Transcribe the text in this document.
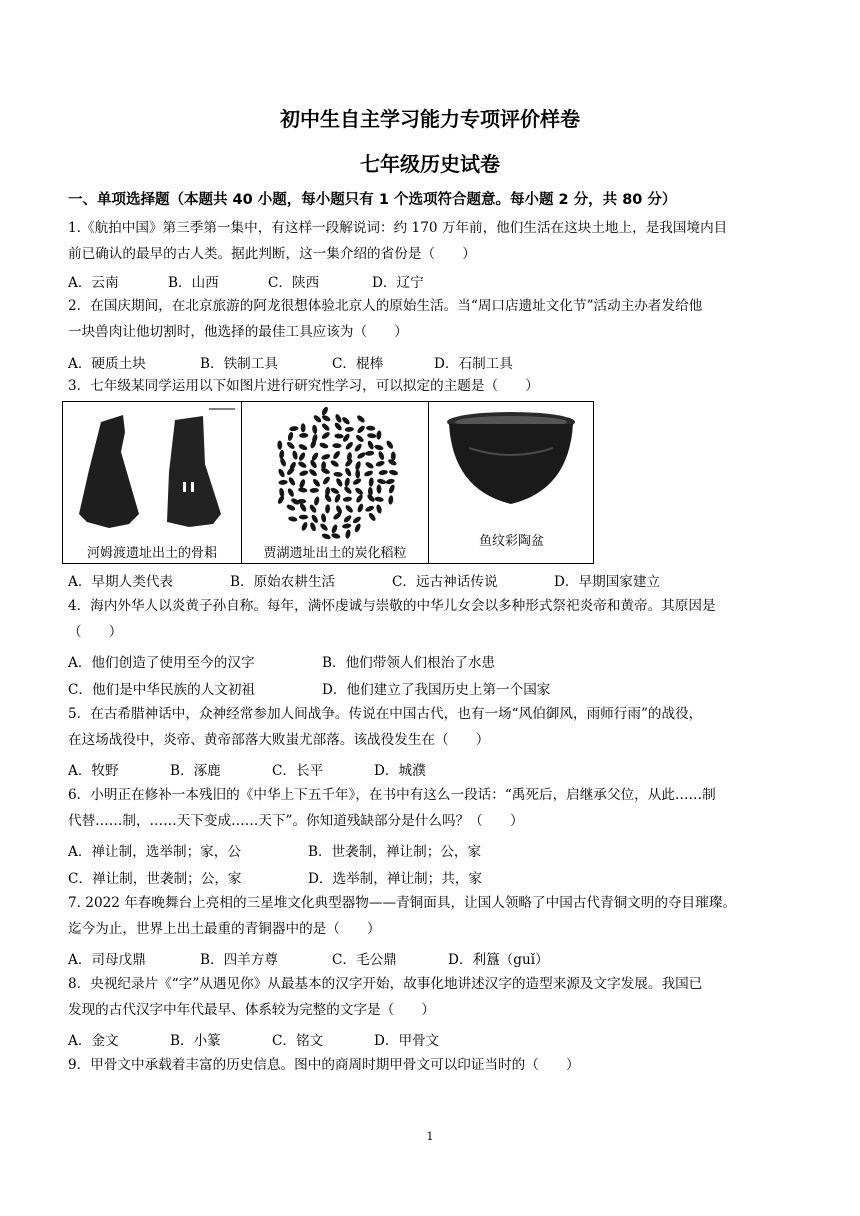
初中生自主学习能力专项评价样卷
七年级历史试卷
一、单项选择题（本题共 40 小题，每小题只有 1 个选项符合题意。每小题 2 分，共 80 分）
1.《航拍中国》第三季第一集中，有这样一段解说词：约 170 万年前，他们生活在这块土地上，是我国境内目
前已确认的最早的古人类。据此判断，这一集介绍的省份是（　　）
A．云南	B．山西	C．陕西	D．辽宁
2．在国庆期间，在北京旅游的阿龙很想体验北京人的原始生活。当“周口店遗址文化节”活动主办者发给他
一块兽肉让他切割时，他选择的最佳工具应该为（　　）
A．硬质土块	B．铁制工具	C．棍棒	D．石制工具
3．七年级某同学运用以下如图片进行研究性学习，可以拟定的主题是（　　）
河姆渡遗址出土的骨耜	贾湖遗址出土的炭化稻粒
鱼纹彩陶盆
A．早期人类代表	B．原始农耕生活	C．远古神话传说	D．早期国家建立
4．海内外华人以炎黄子孙自称。每年，满怀虔诚与崇敬的中华儿女会以多种形式祭祀炎帝和黄帝。其原因是
（　　）
A．他们创造了使用至今的汉字	B．他们带领人们根治了水患
C．他们是中华民族的人文初祖	D．他们建立了我国历史上第一个国家
5．在古希腊神话中，众神经常参加人间战争。传说在中国古代，也有一场“风伯御风，雨师行雨”的战役，
在这场战役中，炎帝、黄帝部落大败蚩尤部落。该战役发生在（　　）
A．牧野	B．涿鹿	C．长平	D．城濮
6．小明正在修补一本残旧的《中华上下五千年》，在书中有这么一段话：“禹死后，启继承父位，从此……制
代替……制，……天下变成……天下”。你知道残缺部分是什么吗？（　　）
A．禅让制，选举制；家，公	B．世袭制，禅让制；公，家
C．禅让制，世袭制；公，家	D．选举制，禅让制；共，家
7. 2022 年春晚舞台上亮相的三星堆文化典型器物——青铜面具，让国人领略了中国古代青铜文明的夺目璀璨。
迄今为止，世界上出土最重的青铜器中的是（　　）
A．司母戊鼎	B．四羊方尊	C．毛公鼎	D．利簋（guǐ）
8．央视纪录片《“字”从遇见你》从最基本的汉字开始，故事化地讲述汉字的造型来源及文字发展。我国已
发现的古代汉字中年代最早、体系较为完整的文字是（　　）
A．金文	B．小篆	C．铭文	D．甲骨文
9．甲骨文中承载着丰富的历史信息。图中的商周时期甲骨文可以印证当时的（　　）
1
